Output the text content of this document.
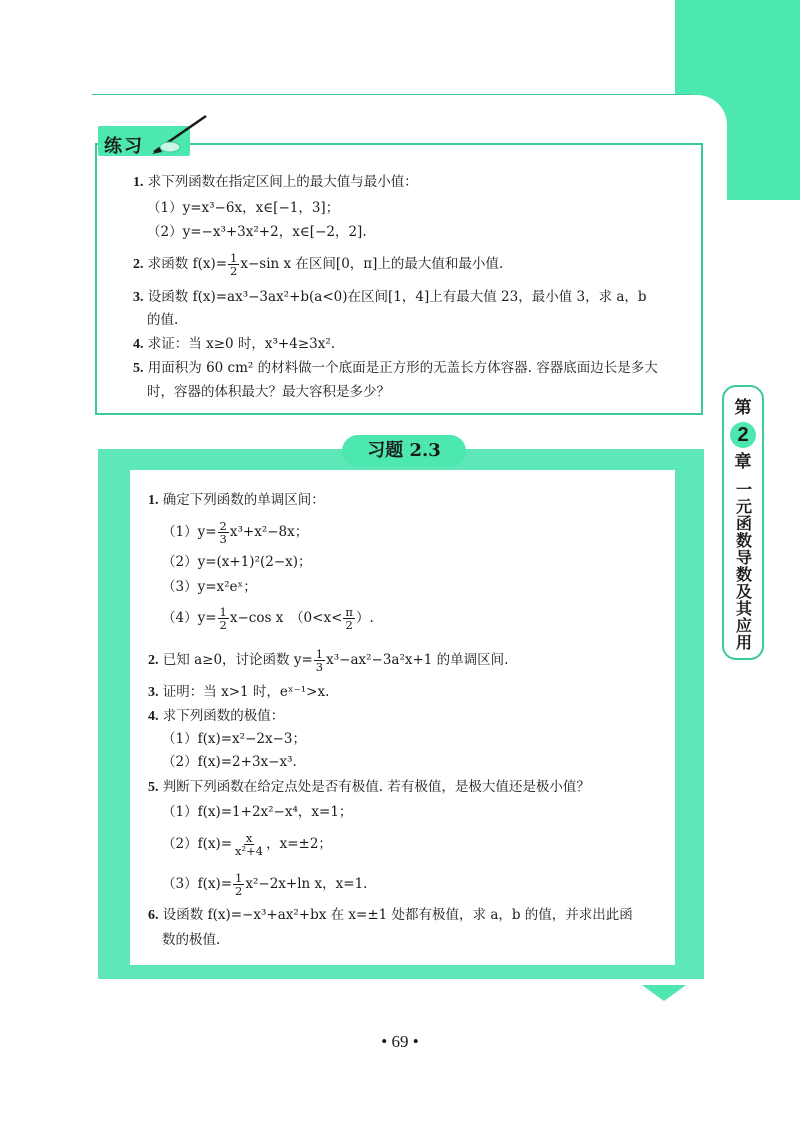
第
2
章
一元函数导数及其应用
练习
1. 求下列函数在指定区间上的最大值与最小值：
（1）y=x³−6x，x∈[−1，3]；
（2）y=−x³+3x²+2，x∈[−2，2].
2. 求函数 $f(x)= \frac{1}{2} x-\sin$ x 在区间[0，π]上的最大值和最小值.
3. 设函数 f(x)=ax³−3ax²+b(a<0)在区间[1，4]上有最大值 23，最小值 3，求 a，b
的值.
4. 求证：当 x≥0 时，x³+4≥3x².
5. 用面积为 60 cm² 的材料做一个底面是正方形的无盖长方体容器. 容器底面边长是多大
时，容器的体积最大？最大容积是多少？
习题 2.3
1. 确定下列函数的单调区间：
$(1)y= \frac{2}{3} x^3+x^2-8x$；
（2）y=(x+1)²(2−x)；
（3）y=x²eˣ；
$(4)y= \frac{1}{2} x-\cos$ x　（$0<x< \frac{\pi}{2}$ ）.
2. 已知 a≥0，讨论函数 $y= \frac{1}{3} x^3-ax^2-3a^2x+1$ 的单调区间.
3. 证明：当 x>1 时，eˣ⁻¹>x.
4. 求下列函数的极值：
（1）f(x)=x²−2x−3；
（2）f(x)=2+3x−x³.
5. 判断下列函数在给定点处是否有极值. 若有极值，是极大值还是极小值？
（1）f(x)=1+2x²−x⁴，x=1；
$(2)f(x)= \frac{x}{\text{x²+4}}$ ，x=±2；
$(3)f(x)= \frac{1}{2} x^2-2x+\ln$ x，x=1.
6. 设函数 f(x)=−x³+ax²+bx 在 x=±1 处都有极值，求 a，b 的值，并求出此函
数的极值.
• 69 •
